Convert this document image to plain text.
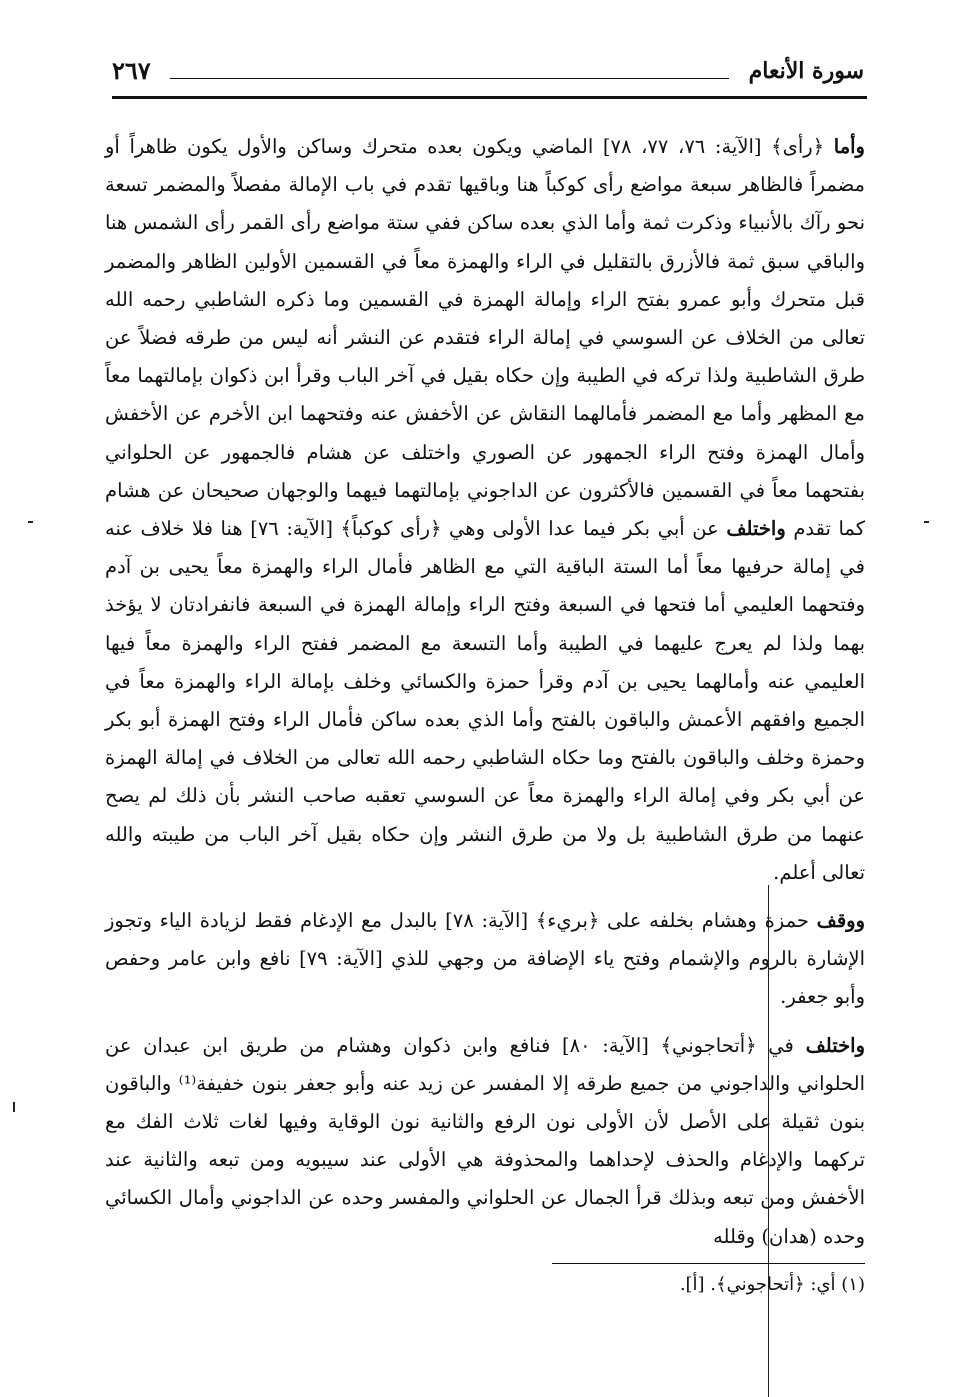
سورة الأنعام
٢٦٧

وأما ﴿رأى﴾ [الآية: ٧٦، ٧٧، ٧٨] الماضي ويكون بعده متحرك وساكن والأول يكون ظاهراً أو مضمراً فالظاهر سبعة مواضع رأى كوكباً هنا وباقيها تقدم في باب الإمالة مفصلاً والمضمر تسعة نحو رآك بالأنبياء وذكرت ثمة وأما الذي بعده ساكن ففي ستة مواضع رأى القمر رأى الشمس هنا والباقي سبق ثمة فالأزرق بالتقليل في الراء والهمزة معاً في القسمين الأولين الظاهر والمضمر قبل متحرك وأبو عمرو بفتح الراء وإمالة الهمزة في القسمين وما ذكره الشاطبي رحمه الله تعالى من الخلاف عن السوسي في إمالة الراء فتقدم عن النشر أنه ليس من طرقه فضلاً عن طرق الشاطبية ولذا تركه في الطيبة وإن حكاه بقيل في آخر الباب وقرأ ابن ذكوان بإمالتهما معاً مع المظهر وأما مع المضمر فأمالهما النقاش عن الأخفش عنه وفتحهما ابن الأخرم عن الأخفش وأمال الهمزة وفتح الراء الجمهور عن الصوري واختلف عن هشام فالجمهور عن الحلواني بفتحهما معاً في القسمين فالأكثرون عن الداجوني بإمالتهما فيهما والوجهان صحيحان عن هشام كما تقدم واختلف عن أبي بكر فيما عدا الأولى وهي ﴿رأى كوكباً﴾ [الآية: ٧٦] هنا فلا خلاف عنه في إمالة حرفيها معاً أما الستة الباقية التي مع الظاهر فأمال الراء والهمزة معاً يحيى بن آدم وفتحهما العليمي أما فتحها في السبعة وفتح الراء وإمالة الهمزة في السبعة فانفرادتان لا يؤخذ بهما ولذا لم يعرج عليهما في الطيبة وأما التسعة مع المضمر ففتح الراء والهمزة معاً فيها العليمي عنه وأمالهما يحيى بن آدم وقرأ حمزة والكسائي وخلف بإمالة الراء والهمزة معاً في الجميع وافقهم الأعمش والباقون بالفتح وأما الذي بعده ساكن فأمال الراء وفتح الهمزة أبو بكر وحمزة وخلف والباقون بالفتح وما حكاه الشاطبي رحمه الله تعالى من الخلاف في إمالة الهمزة عن أبي بكر وفي إمالة الراء والهمزة معاً عن السوسي تعقبه صاحب النشر بأن ذلك لم يصح عنهما من طرق الشاطبية بل ولا من طرق النشر وإن حكاه بقيل آخر الباب من طيبته والله تعالى أعلم.

ووقف حمزة وهشام بخلفه على ﴿بريء﴾ [الآية: ٧٨] بالبدل مع الإدغام فقط لزيادة الياء وتجوز الإشارة بالروم والإشمام وفتح ياء الإضافة من وجهي للذي [الآية: ٧٩] نافع وابن عامر وحفص وأبو جعفر.

واختلف في ﴿أتحاجوني﴾ [الآية: ٨٠] فنافع وابن ذكوان وهشام من طريق ابن عبدان عن الحلواني والداجوني من جميع طرقه إلا المفسر عن زيد عنه وأبو جعفر بنون خفيفة⁽¹⁾ والباقون بنون ثقيلة على الأصل لأن الأولى نون الرفع والثانية نون الوقاية وفيها لغات ثلاث الفك مع تركهما والإدغام والحذف لإحداهما والمحذوفة هي الأولى عند سيبويه ومن تبعه والثانية عند الأخفش ومن تبعه وبذلك قرأ الجمال عن الحلواني والمفسر وحده عن الداجوني وأمال الكسائي وحده (هدان) وقلله

(١) أي: ﴿أتحاجوني﴾. [أ].
